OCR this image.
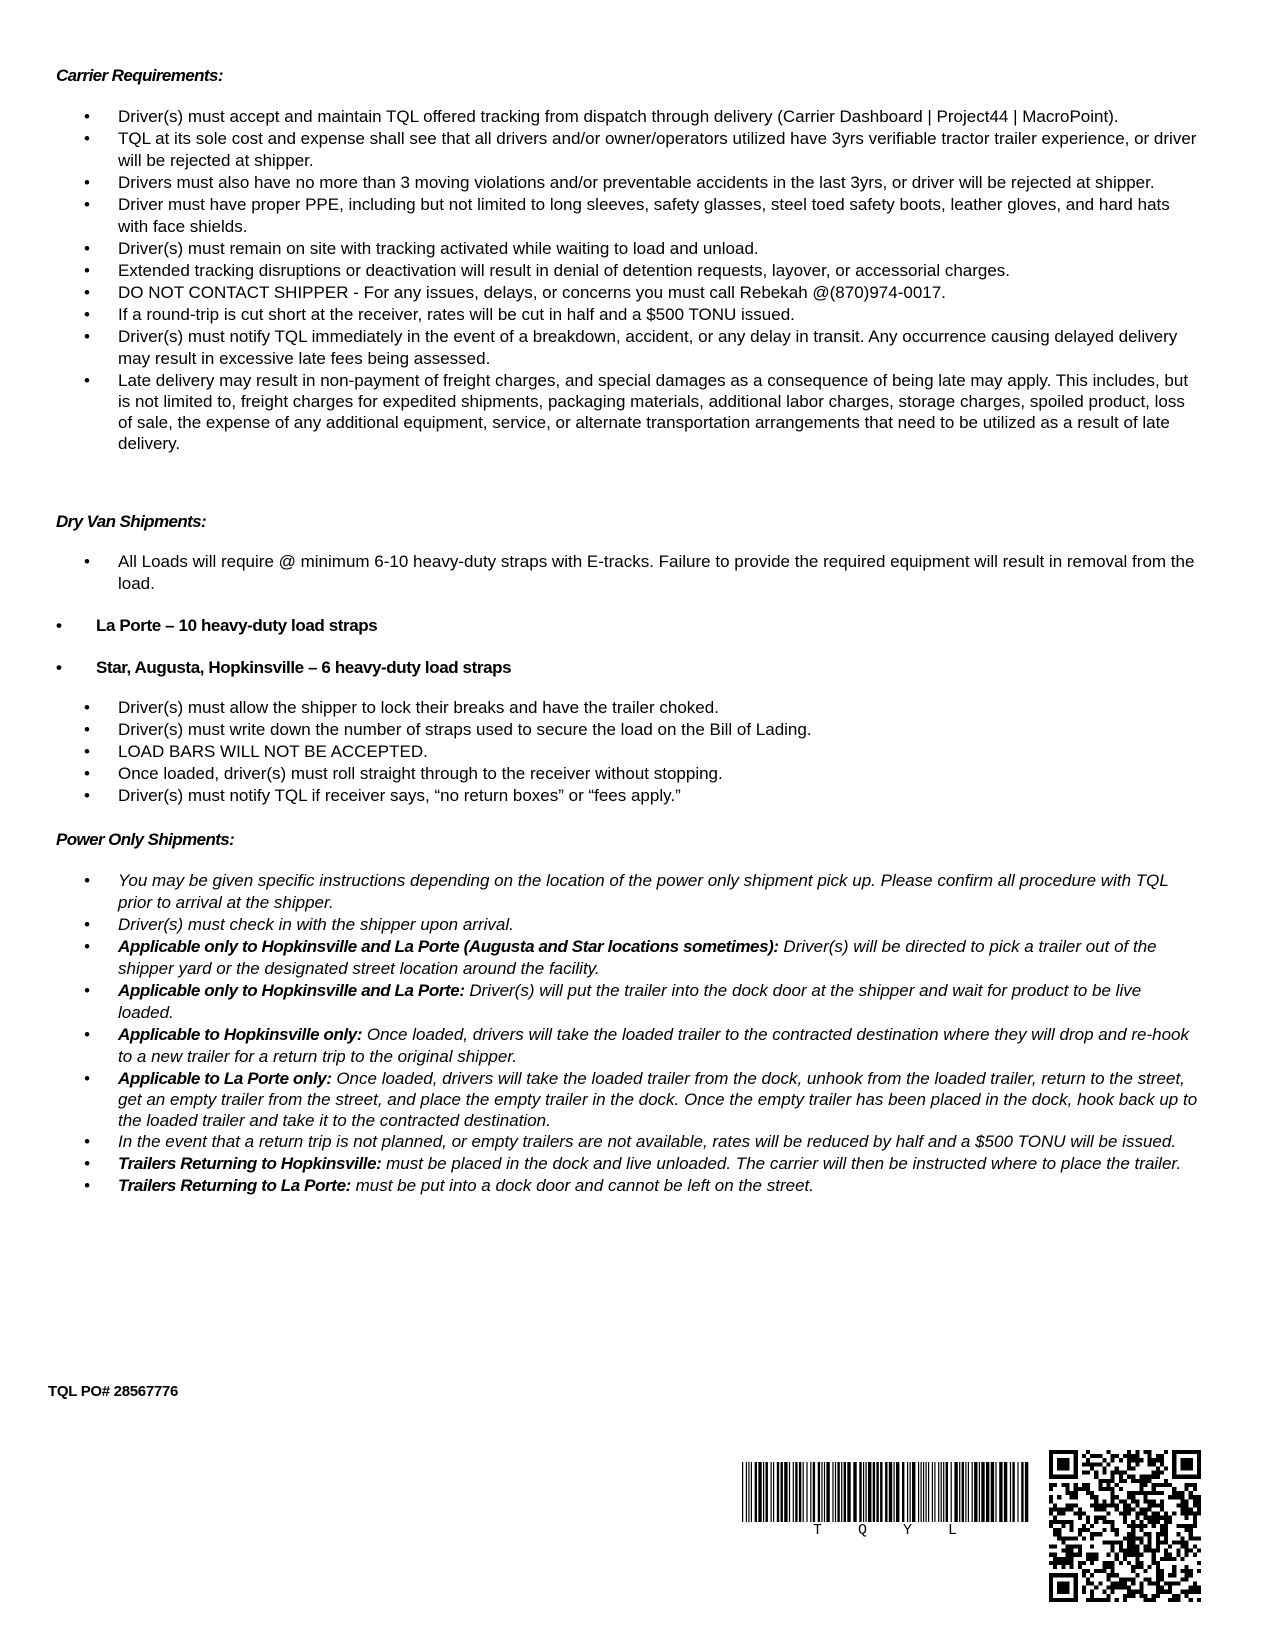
Carrier Requirements:
• Driver(s) must accept and maintain TQL offered tracking from dispatch through delivery (Carrier Dashboard | Project44 | MacroPoint).
• TQL at its sole cost and expense shall see that all drivers and/or owner/operators utilized have 3yrs verifiable tractor trailer experience, or driver will be rejected at shipper.
• Drivers must also have no more than 3 moving violations and/or preventable accidents in the last 3yrs, or driver will be rejected at shipper.
• Driver must have proper PPE, including but not limited to long sleeves, safety glasses, steel toed safety boots, leather gloves, and hard hats with face shields.
• Driver(s) must remain on site with tracking activated while waiting to load and unload.
• Extended tracking disruptions or deactivation will result in denial of detention requests, layover, or accessorial charges.
• DO NOT CONTACT SHIPPER - For any issues, delays, or concerns you must call Rebekah @(870)974-0017.
• If a round-trip is cut short at the receiver, rates will be cut in half and a $500 TONU issued.
• Driver(s) must notify TQL immediately in the event of a breakdown, accident, or any delay in transit. Any occurrence causing delayed delivery may result in excessive late fees being assessed.
• Late delivery may result in non-payment of freight charges, and special damages as a consequence of being late may apply. This includes, but is not limited to, freight charges for expedited shipments, packaging materials, additional labor charges, storage charges, spoiled product, loss of sale, the expense of any additional equipment, service, or alternate transportation arrangements that need to be utilized as a result of late delivery.
Dry Van Shipments:
• All Loads will require @ minimum 6-10 heavy-duty straps with E-tracks. Failure to provide the required equipment will result in removal from the load.
• La Porte – 10 heavy-duty load straps
• Star, Augusta, Hopkinsville – 6 heavy-duty load straps
• Driver(s) must allow the shipper to lock their breaks and have the trailer choked.
• Driver(s) must write down the number of straps used to secure the load on the Bill of Lading.
• LOAD BARS WILL NOT BE ACCEPTED.
• Once loaded, driver(s) must roll straight through to the receiver without stopping.
• Driver(s) must notify TQL if receiver says, “no return boxes” or “fees apply.”
Power Only Shipments:
• You may be given specific instructions depending on the location of the power only shipment pick up. Please confirm all procedure with TQL prior to arrival at the shipper.
• Driver(s) must check in with the shipper upon arrival.
• Applicable only to Hopkinsville and La Porte (Augusta and Star locations sometimes): Driver(s) will be directed to pick a trailer out of the shipper yard or the designated street location around the facility.
• Applicable only to Hopkinsville and La Porte: Driver(s) will put the trailer into the dock door at the shipper and wait for product to be live loaded.
• Applicable to Hopkinsville only: Once loaded, drivers will take the loaded trailer to the contracted destination where they will drop and re-hook to a new trailer for a return trip to the original shipper.
• Applicable to La Porte only: Once loaded, drivers will take the loaded trailer from the dock, unhook from the loaded trailer, return to the street, get an empty trailer from the street, and place the empty trailer in the dock. Once the empty trailer has been placed in the dock, hook back up to the loaded trailer and take it to the contracted destination.
• In the event that a return trip is not planned, or empty trailers are not available, rates will be reduced by half and a $500 TONU will be issued.
• Trailers Returning to Hopkinsville: must be placed in the dock and live unloaded. The carrier will then be instructed where to place the trailer.
• Trailers Returning to La Porte: must be put into a dock door and cannot be left on the street.
TQL PO# 28567776
TQYL
